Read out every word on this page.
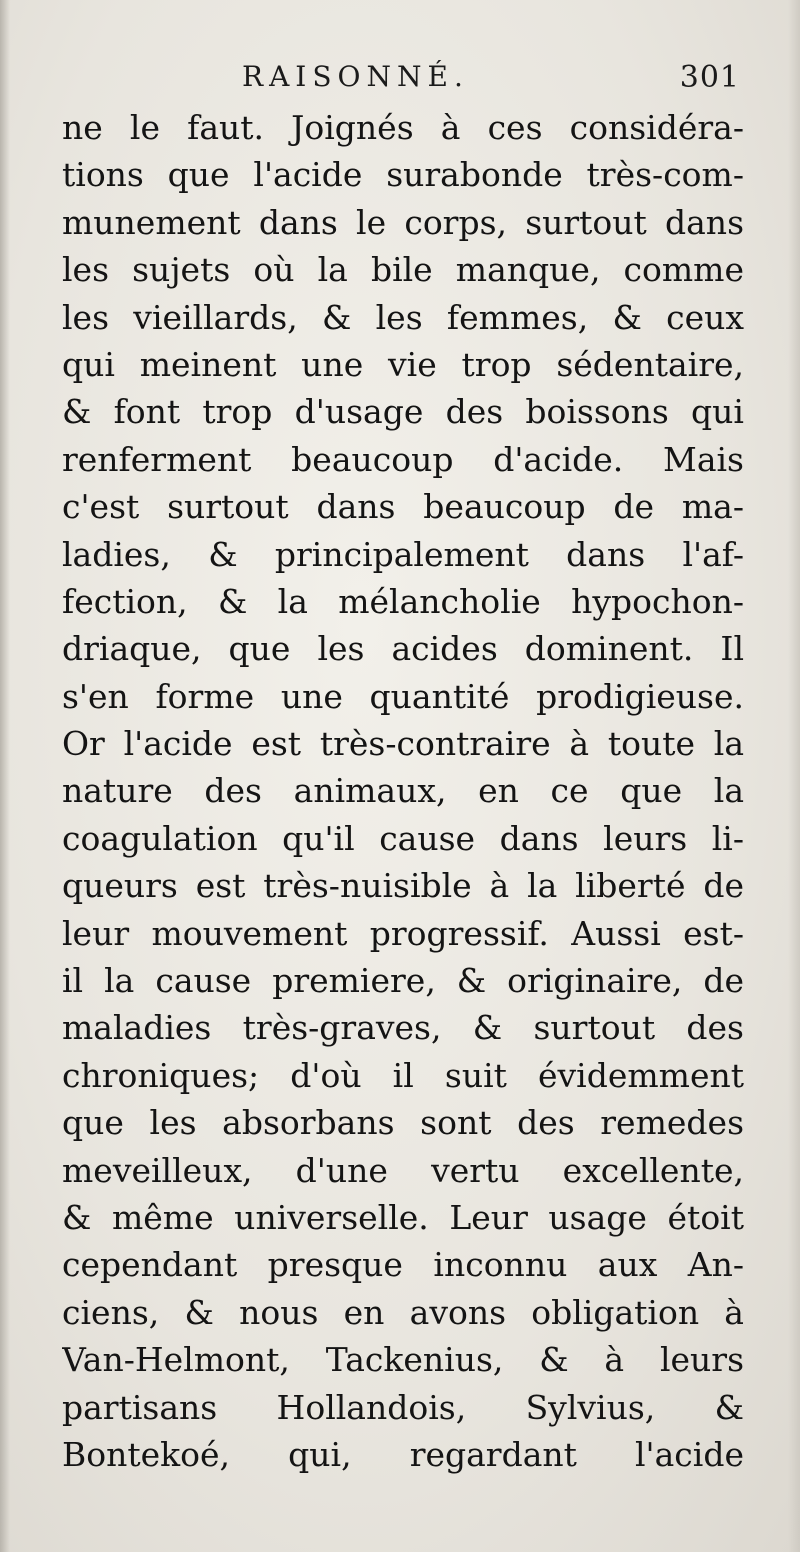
RAISONNÉ.	301
ne le faut. Joignés à ces considéra-
tions que l'acide surabonde très-com-
munement dans le corps, surtout dans
les sujets où la bile manque, comme
les vieillards, & les femmes, & ceux
qui meinent une vie trop sédentaire,
& font trop d'usage des boissons qui
renferment beaucoup d'acide. Mais
c'est surtout dans beaucoup de ma-
ladies, & principalement dans l'af-
fection, & la mélancholie hypochon-
driaque, que les acides dominent. Il
s'en forme une quantité prodigieuse.
Or l'acide est très-contraire à toute la
nature des animaux, en ce que la
coagulation qu'il cause dans leurs li-
queurs est très-nuisible à la liberté de
leur mouvement progressif. Aussi est-
il la cause premiere, & originaire, de
maladies très-graves, & surtout des
chroniques; d'où il suit évidemment
que les absorbans sont des remedes
meveilleux, d'une vertu excellente,
& même universelle. Leur usage étoit
cependant presque inconnu aux An-
ciens, & nous en avons obligation à
Van-Helmont, Tackenius, & à leurs
partisans Hollandois, Sylvius, &
Bontekoé, qui, regardant l'acide
